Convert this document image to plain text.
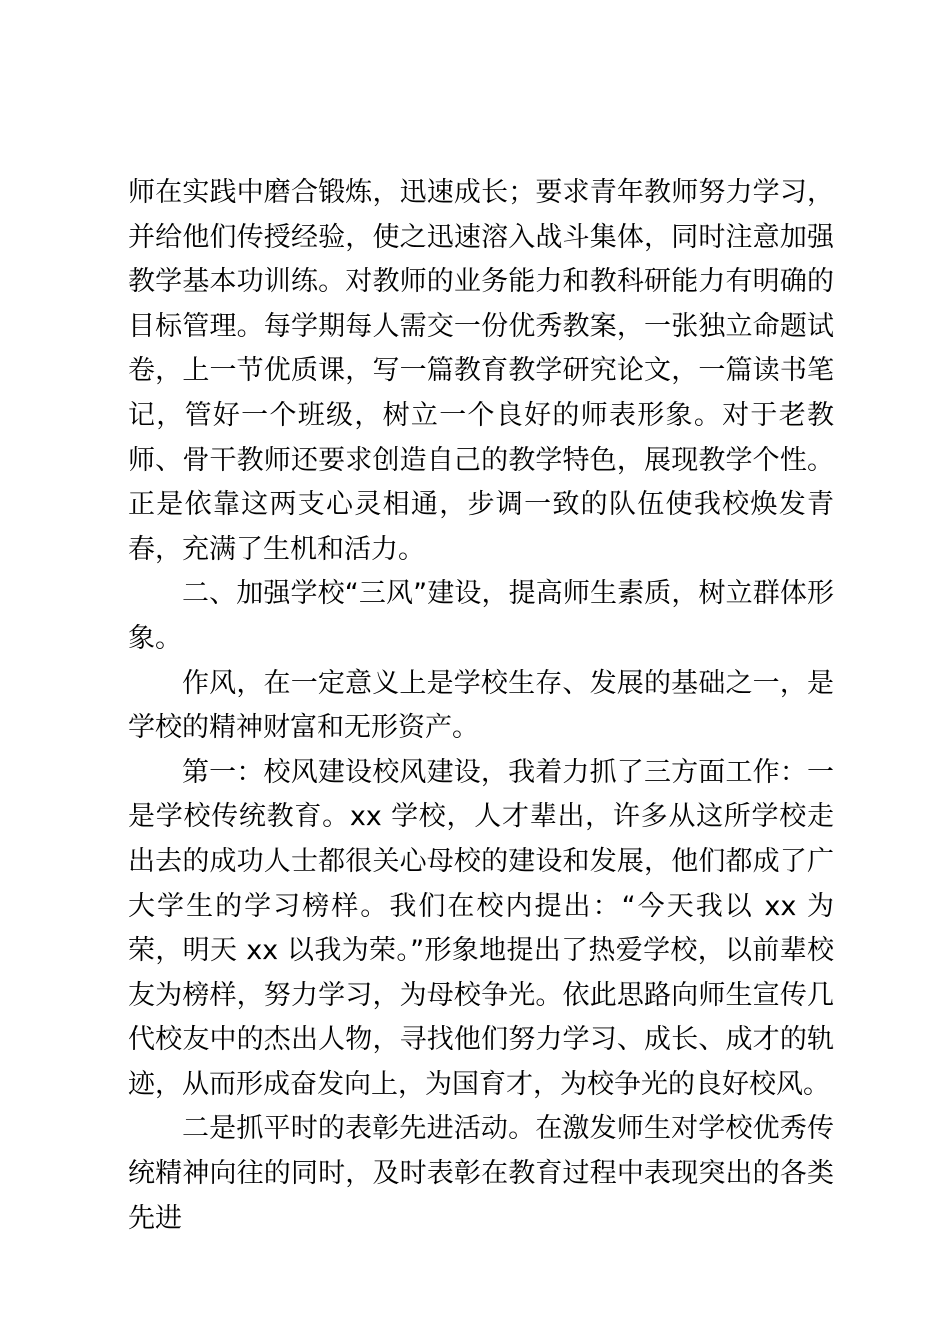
师在实践中磨合锻炼，迅速成长；要求青年教师努力学习，并给他们传授经验，使之迅速溶入战斗集体，同时注意加强教学基本功训练。对教师的业务能力和教科研能力有明确的目标管理。每学期每人需交一份优秀教案，一张独立命题试卷，上一节优质课，写一篇教育教学研究论文，一篇读书笔记，管好一个班级，树立一个良好的师表形象。对于老教师、骨干教师还要求创造自己的教学特色，展现教学个性。正是依靠这两支心灵相通，步调一致的队伍使我校焕发青春，充满了生机和活力。

二、加强学校“三风”建设，提高师生素质，树立群体形象。

作风，在一定意义上是学校生存、发展的基础之一，是学校的精神财富和无形资产。

第一：校风建设校风建设，我着力抓了三方面工作：一是学校传统教育。xx 学校，人才辈出，许多从这所学校走出去的成功人士都很关心母校的建设和发展，他们都成了广大学生的学习榜样。我们在校内提出：“今天我以 xx 为荣，明天 xx 以我为荣。”形象地提出了热爱学校，以前辈校友为榜样，努力学习，为母校争光。依此思路向师生宣传几代校友中的杰出人物，寻找他们努力学习、成长、成才的轨迹，从而形成奋发向上，为国育才，为校争光的良好校风。

二是抓平时的表彰先进活动。在激发师生对学校优秀传统精神向往的同时，及时表彰在教育过程中表现突出的各类先进
